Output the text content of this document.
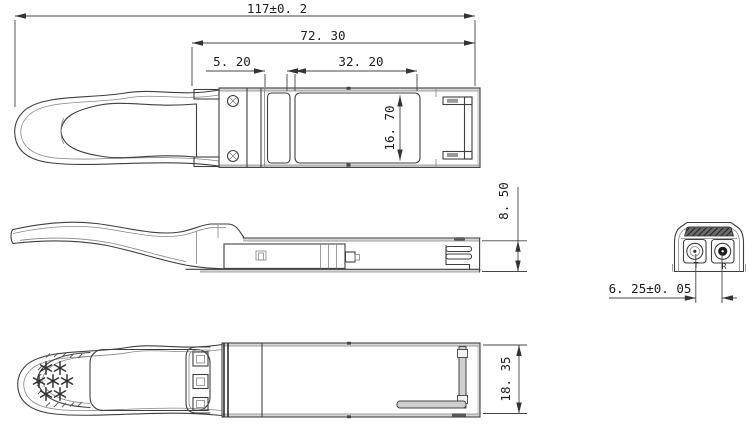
117±0. 2
72. 30
5. 20	32. 20
16. 70
8. 50
6. 25±0. 05
18. 35
T	R
